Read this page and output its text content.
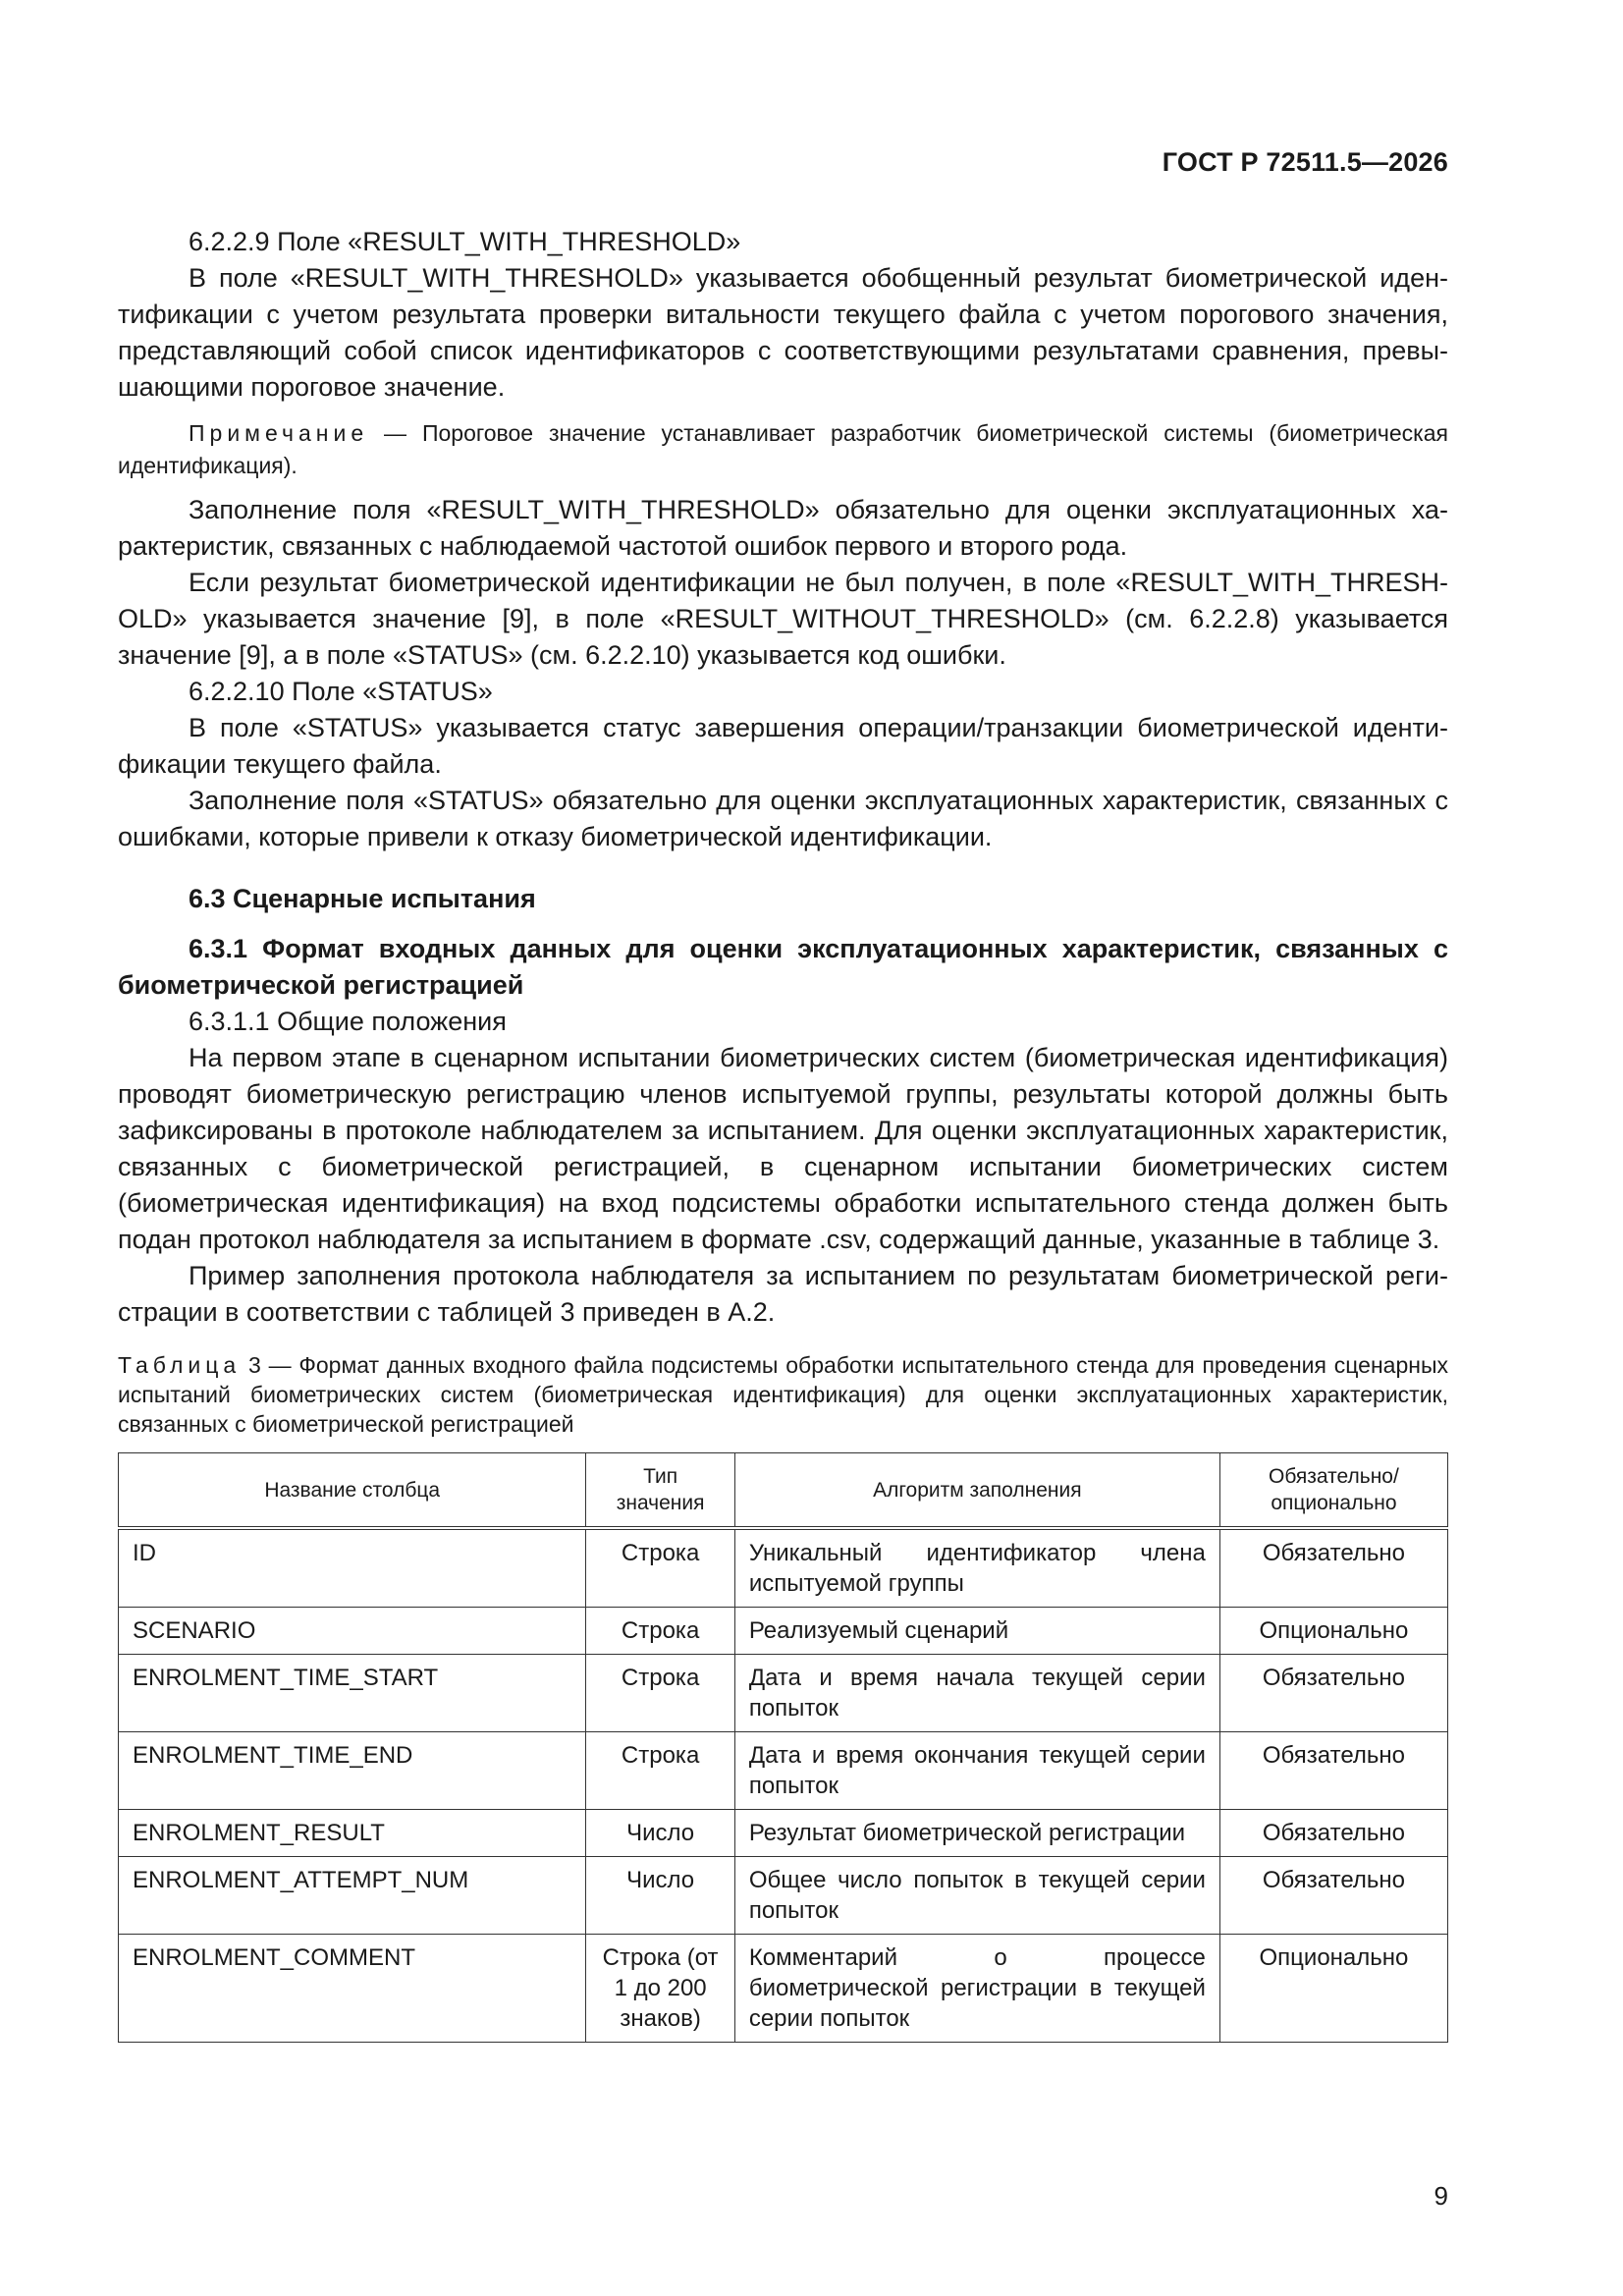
ГОСТ Р 72511.5—2026

6.2.2.9 Поле «RESULT_WITH_THRESHOLD»

В поле «RESULT_WITH_THRESHOLD» указывается обобщенный результат биометрической идентификации с учетом результата проверки витальности текущего файла с учетом порогового значения, представляющий собой список идентификаторов с соответствующими результатами сравнения, превышающими пороговое значение.

Примечание — Пороговое значение устанавливает разработчик биометрической системы (биометрическая идентификация).

Заполнение поля «RESULT_WITH_THRESHOLD» обязательно для оценки эксплуатационных характеристик, связанных с наблюдаемой частотой ошибок первого и второго рода.

Если результат биометрической идентификации не был получен, в поле «RESULT_WITH_THRESHOLD» указывается значение [9], в поле «RESULT_WITHOUT_THRESHOLD» (см. 6.2.2.8) указывается значение [9], а в поле «STATUS» (см. 6.2.2.10) указывается код ошибки.

6.2.2.10 Поле «STATUS»

В поле «STATUS» указывается статус завершения операции/транзакции биометрической идентификации текущего файла.

Заполнение поля «STATUS» обязательно для оценки эксплуатационных характеристик, связанных с ошибками, которые привели к отказу биометрической идентификации.

6.3 Сценарные испытания

6.3.1 Формат входных данных для оценки эксплуатационных характеристик, связанных с биометрической регистрацией

6.3.1.1 Общие положения

На первом этапе в сценарном испытании биометрических систем (биометрическая идентификация) проводят биометрическую регистрацию членов испытуемой группы, результаты которой должны быть зафиксированы в протоколе наблюдателем за испытанием. Для оценки эксплуатационных характеристик, связанных с биометрической регистрацией, в сценарном испытании биометрических систем (биометрическая идентификация) на вход подсистемы обработки испытательного стенда должен быть подан протокол наблюдателя за испытанием в формате .csv, содержащий данные, указанные в таблице 3.

Пример заполнения протокола наблюдателя за испытанием по результатам биометрической регистрации в соответствии с таблицей 3 приведен в А.2.

Таблица 3 — Формат данных входного файла подсистемы обработки испытательного стенда для проведения сценарных испытаний биометрических систем (биометрическая идентификация) для оценки эксплуатационных характеристик, связанных с биометрической регистрацией

Название столбца	Тип значения	Алгоритм заполнения	Обязательно/ опционально
ID	Строка	Уникальный идентификатор члена испытуемой группы	Обязательно
SCENARIO	Строка	Реализуемый сценарий	Опционально
ENROLMENT_TIME_START	Строка	Дата и время начала текущей серии попыток	Обязательно
ENROLMENT_TIME_END	Строка	Дата и время окончания текущей серии попыток	Обязательно
ENROLMENT_RESULT	Число	Результат биометрической регистрации	Обязательно
ENROLMENT_ATTEMPT_NUM	Число	Общее число попыток в текущей серии попыток	Обязательно
ENROLMENT_COMMENT	Строка (от 1 до 200 знаков)	Комментарий о процессе биометрической регистрации в текущей серии попыток	Опционально
9
